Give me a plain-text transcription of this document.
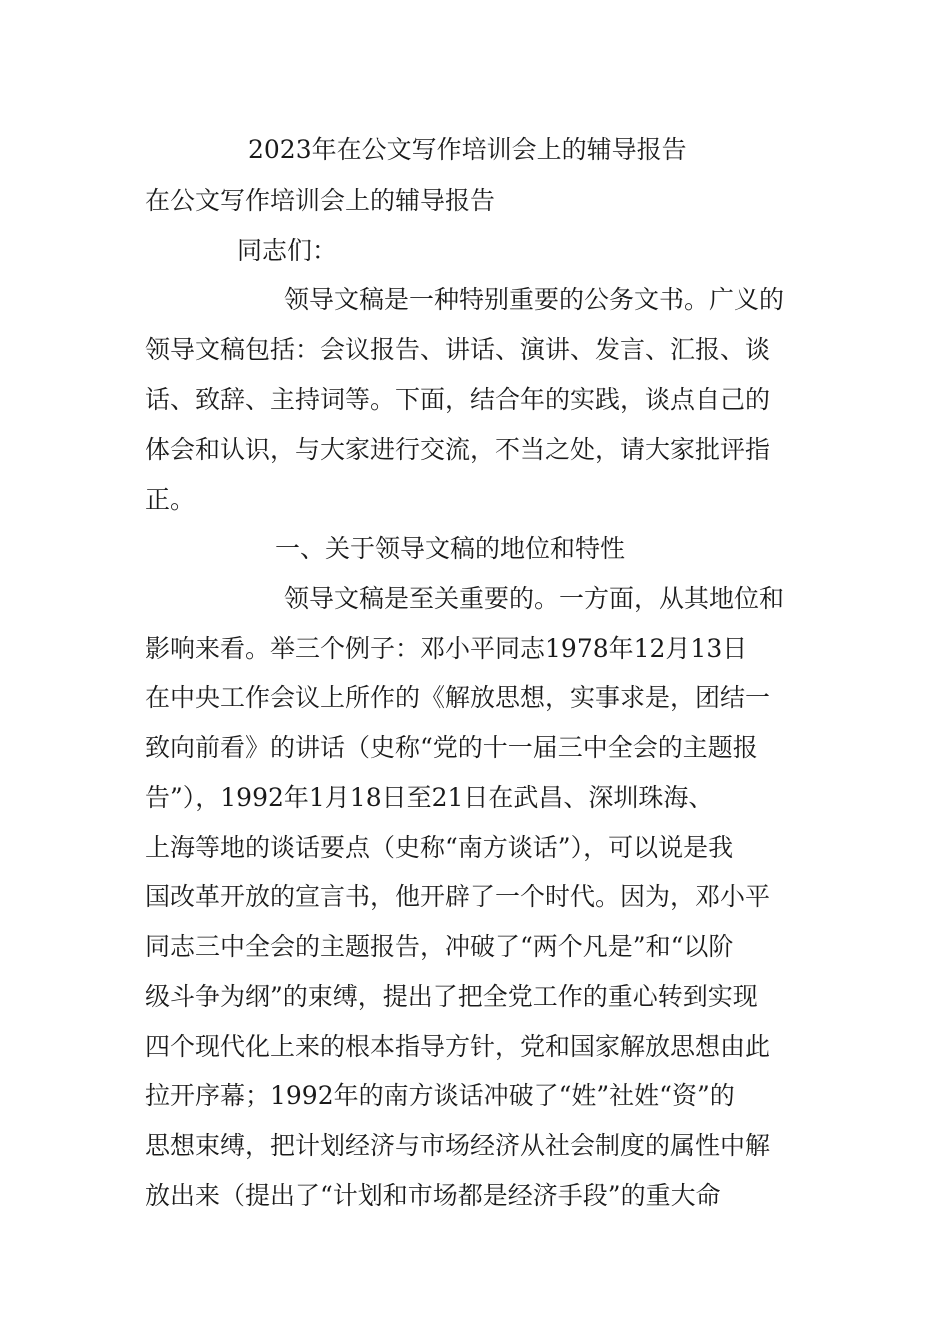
2023年在公文写作培训会上的辅导报告
在公文写作培训会上的辅导报告
同志们：
领导文稿是一种特别重要的公务文书。广义的
领导文稿包括：会议报告、讲话、演讲、发言、汇报、谈
话、致辞、主持词等。下面，结合年的实践，谈点自己的
体会和认识，与大家进行交流，不当之处，请大家批评指
正。
一、关于领导文稿的地位和特性
领导文稿是至关重要的。一方面，从其地位和
影响来看。举三个例子：邓小平同志1978年12月13日
在中央工作会议上所作的《解放思想，实事求是，团结一
致向前看》的讲话（史称“党的十一届三中全会的主题报
告”），1992年1月18日至21日在武昌、深圳珠海、
上海等地的谈话要点（史称“南方谈话”），可以说是我
国改革开放的宣言书，他开辟了一个时代。因为，邓小平
同志三中全会的主题报告，冲破了“两个凡是”和“以阶
级斗争为纲”的束缚，提出了把全党工作的重心转到实现
四个现代化上来的根本指导方针，党和国家解放思想由此
拉开序幕；1992年的南方谈话冲破了“姓”社姓“资”的
思想束缚，把计划经济与市场经济从社会制度的属性中解
放出来（提出了“计划和市场都是经济手段”的重大命
